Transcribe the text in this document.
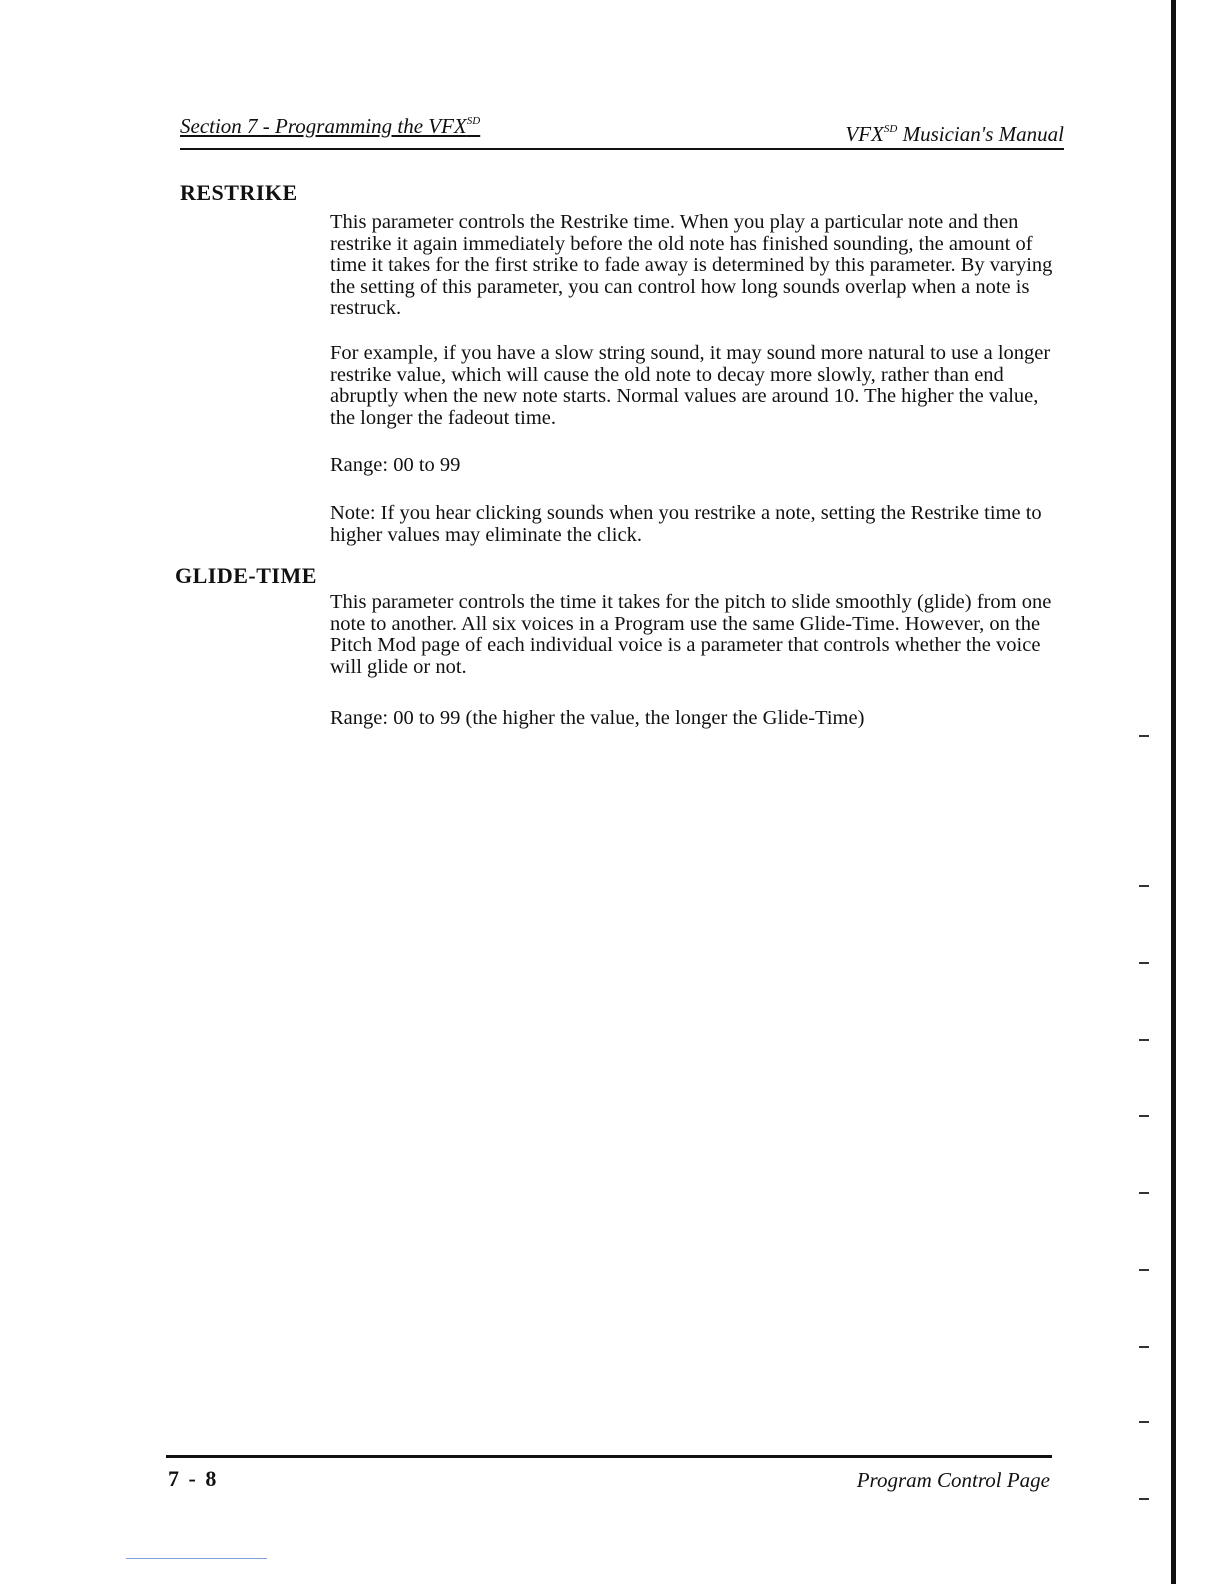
Section 7 - Programming the $VFX^{SD}$
$VFX^{SD}$ Musician's Manual
RESTRIKE

This parameter controls the Restrike time. When you play a particular note and then restrike it again immediately before the old note has finished sounding, the amount of time it takes for the first strike to fade away is determined by this parameter. By varying the setting of this parameter, you can control how long sounds overlap when a note is restruck.

For example, if you have a slow string sound, it may sound more natural to use a longer restrike value, which will cause the old note to decay more slowly, rather than end abruptly when the new note starts. Normal values are around 10. The higher the value, the longer the fadeout time.

Range: 00 to 99

Note: If you hear clicking sounds when you restrike a note, setting the Restrike time to higher values may eliminate the click.

GLIDE-TIME

This parameter controls the time it takes for the pitch to slide smoothly (glide) from one note to another. All six voices in a Program use the same Glide-Time. However, on the Pitch Mod page of each individual voice is a parameter that controls whether the voice will glide or not.

Range: 00 to 99 (the higher the value, the longer the Glide-Time)

7 - 8	Program Control Page
